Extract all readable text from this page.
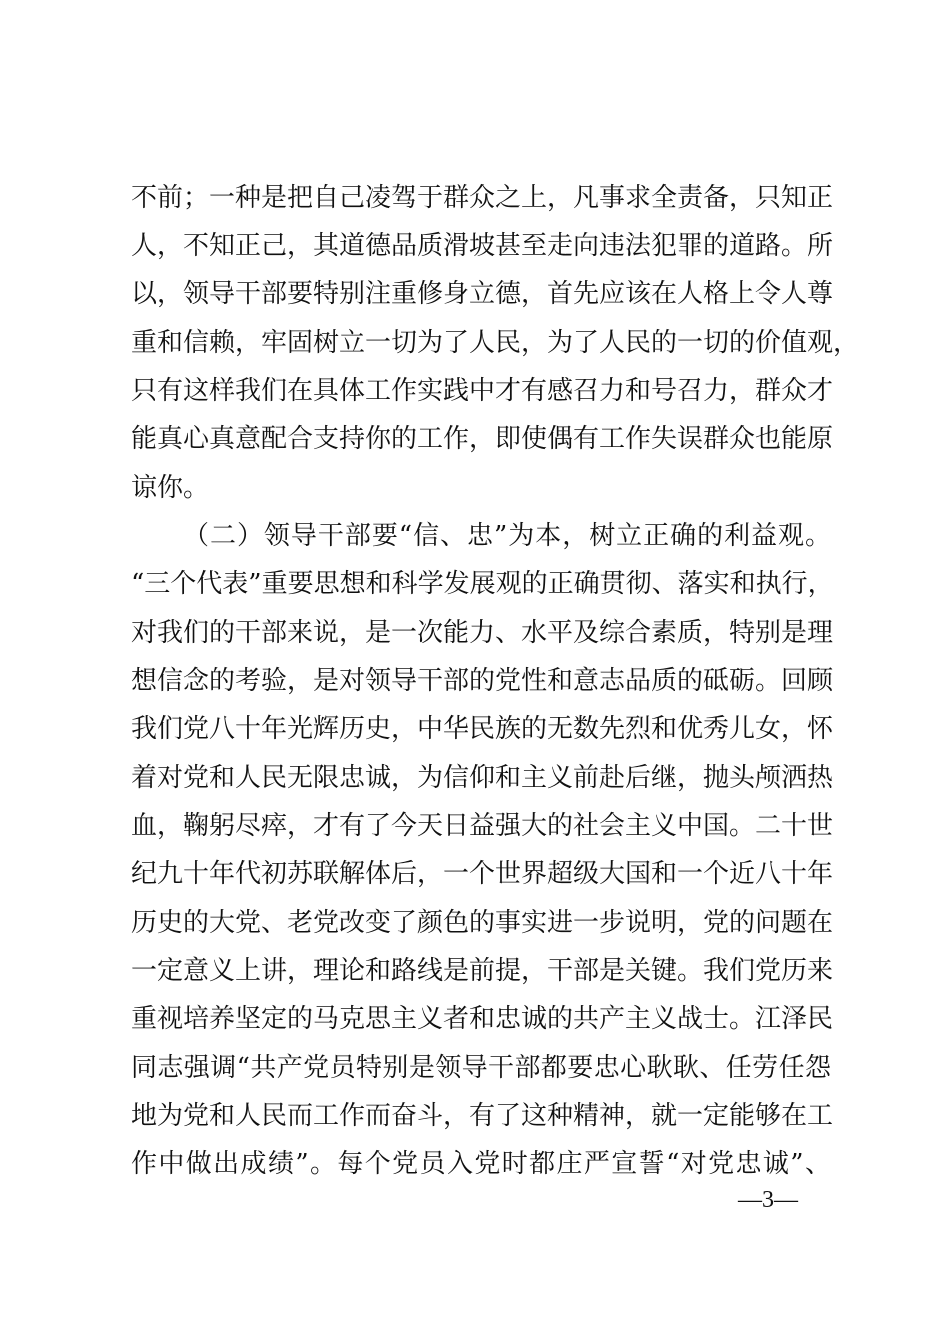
不前；一种是把自己凌驾于群众之上，凡事求全责备，只知正
人，不知正己，其道德品质滑坡甚至走向违法犯罪的道路。所
以，领导干部要特别注重修身立德，首先应该在人格上令人尊
重和信赖，牢固树立一切为了人民，为了人民的一切的价值观，
只有这样我们在具体工作实践中才有感召力和号召力，群众才
能真心真意配合支持你的工作，即使偶有工作失误群众也能原
谅你。
（二）领导干部要“信、忠”为本，树立正确的利益观。
“三个代表”重要思想和科学发展观的正确贯彻、落实和执行，
对我们的干部来说，是一次能力、水平及综合素质，特别是理
想信念的考验，是对领导干部的党性和意志品质的砥砺。回顾
我们党八十年光辉历史，中华民族的无数先烈和优秀儿女，怀
着对党和人民无限忠诚，为信仰和主义前赴后继，抛头颅洒热
血，鞠躬尽瘁，才有了今天日益强大的社会主义中国。二十世
纪九十年代初苏联解体后，一个世界超级大国和一个近八十年
历史的大党、老党改变了颜色的事实进一步说明，党的问题在
一定意义上讲，理论和路线是前提，干部是关键。我们党历来
重视培养坚定的马克思主义者和忠诚的共产主义战士。江泽民
同志强调“共产党员特别是领导干部都要忠心耿耿、任劳任怨
地为党和人民而工作而奋斗，有了这种精神，就一定能够在工
作中做出成绩”。每个党员入党时都庄严宣誓“对党忠诚”、
—3—
